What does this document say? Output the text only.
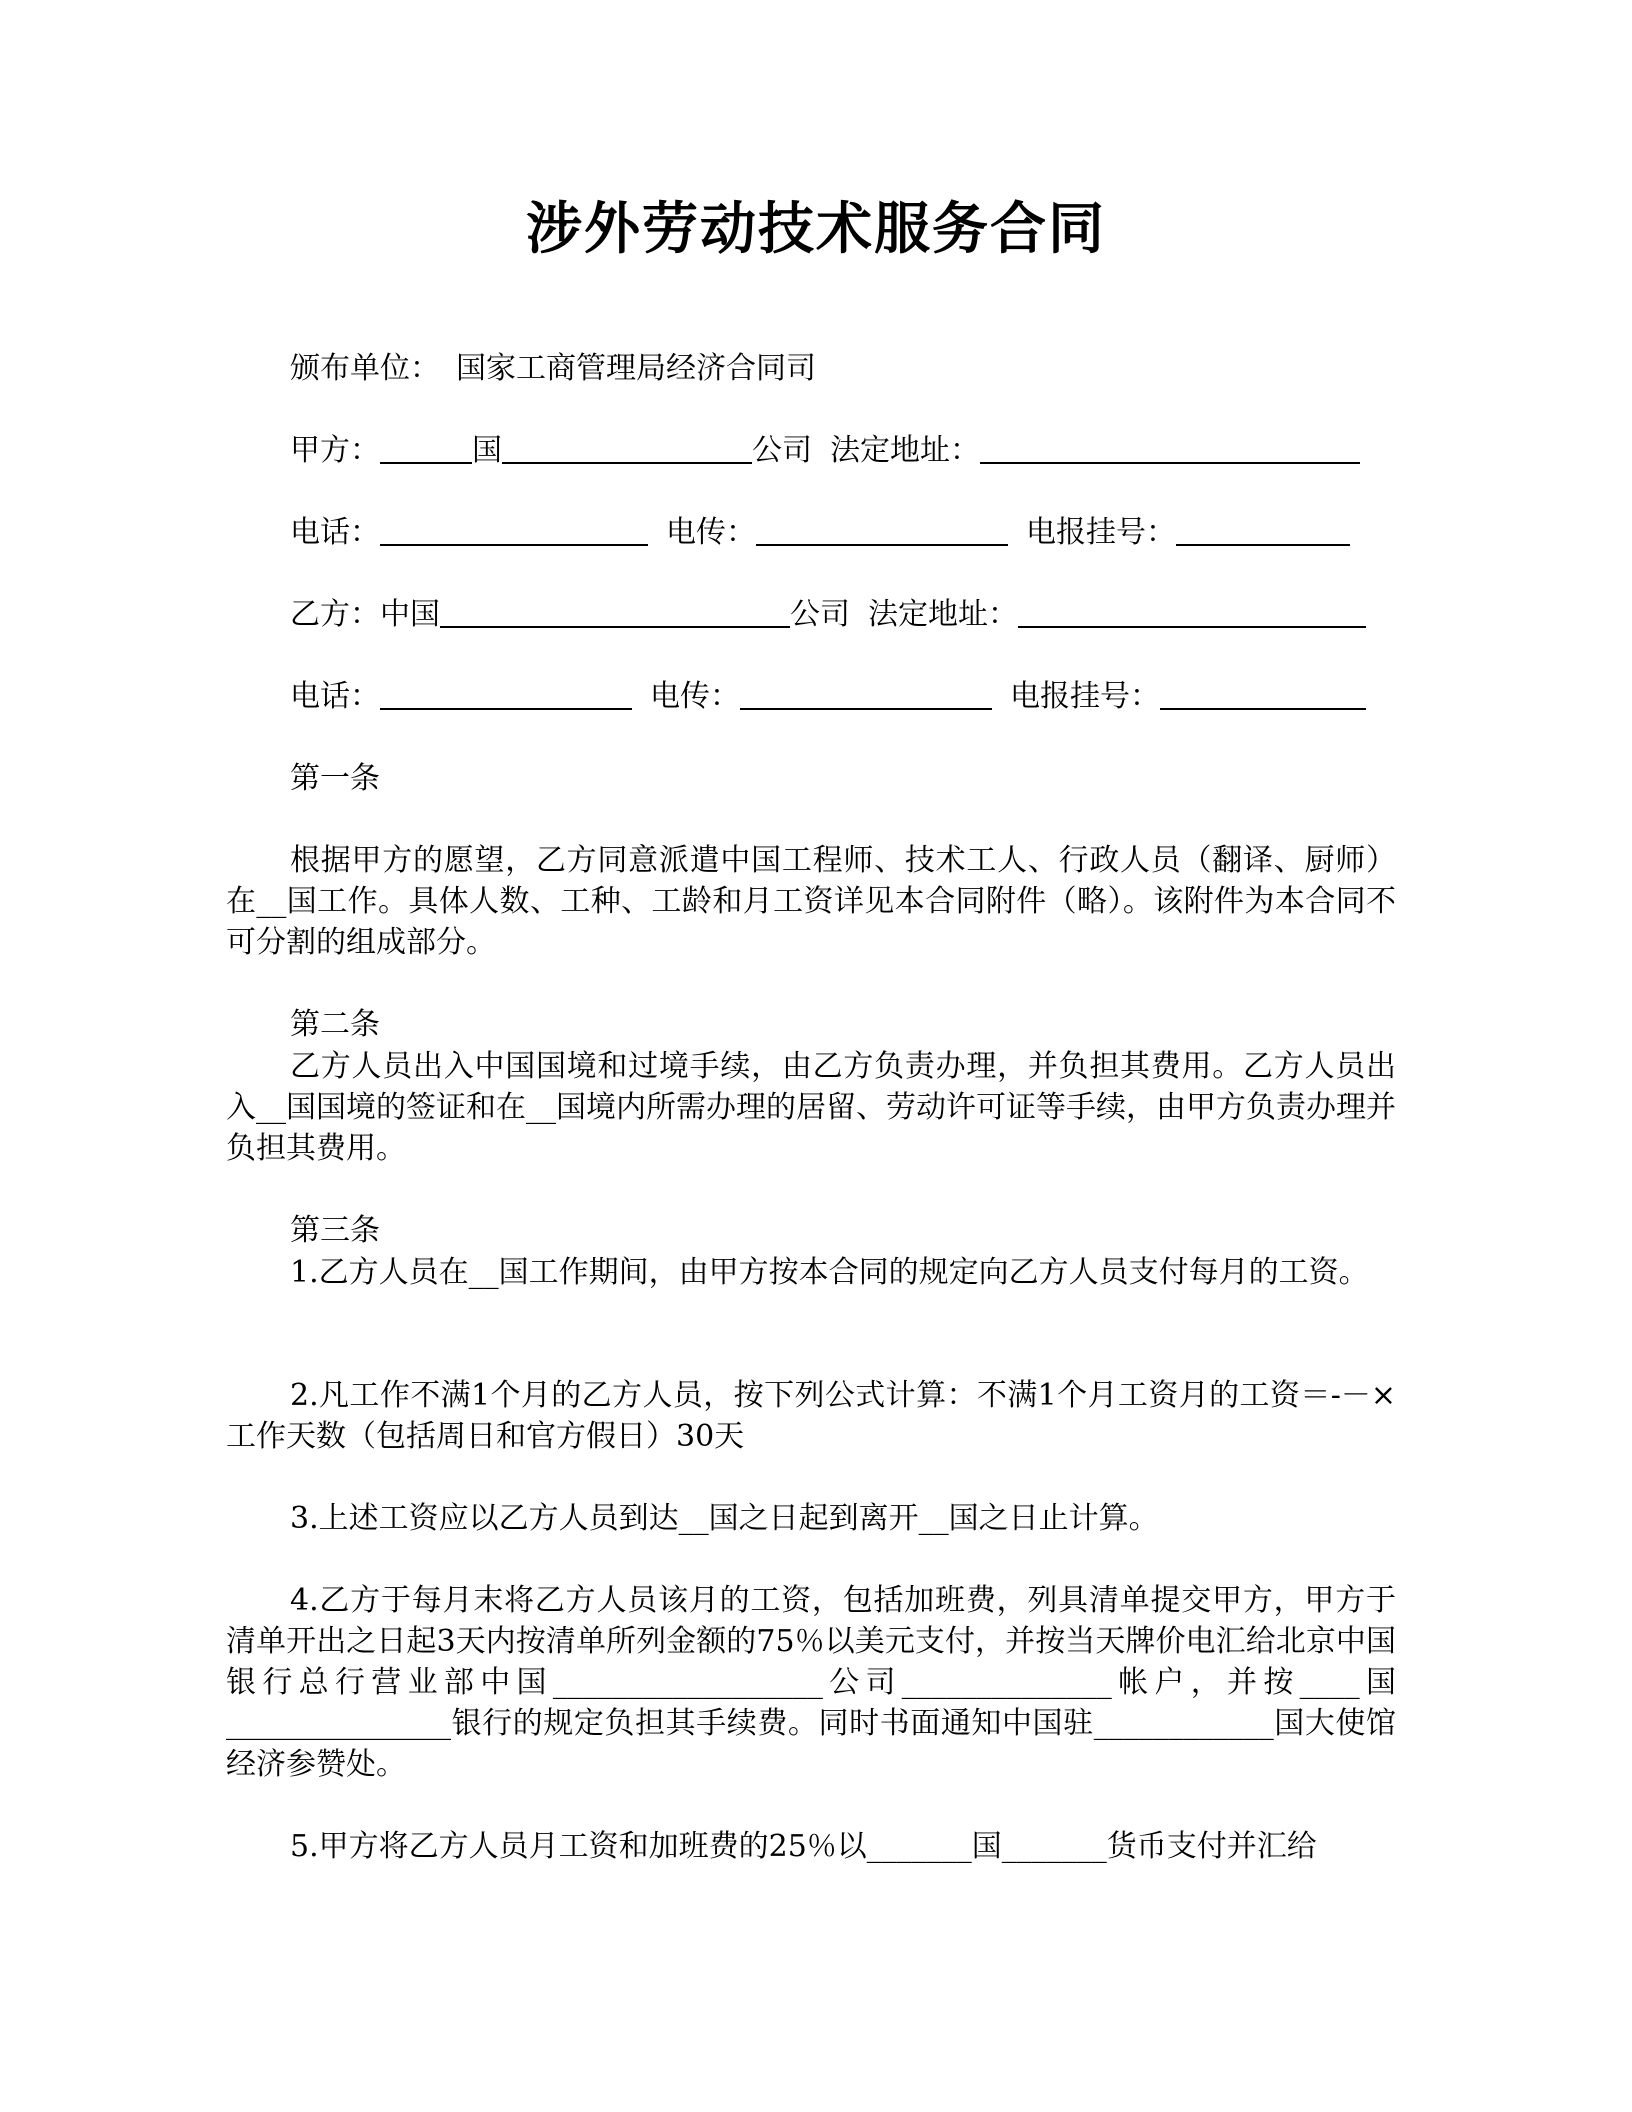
涉外劳动技术服务合同
颁布单位： 国家工商管理局经济合同司
甲方：	国	公司 法定地址：
电话：	电传：	电报挂号：
乙方：中国	公司 法定地址：
电话：	电传：	电报挂号：
第一条
根据甲方的愿望，乙方同意派遣中国工程师、技术工人、行政人员（翻译、厨师）在__国工作。具体人数、工种、工龄和月工资详见本合同附件（略）。该附件为本合同不可分割的组成部分。
第二条
乙方人员出入中国国境和过境手续，由乙方负责办理，并负担其费用。乙方人员出入__国国境的签证和在__国境内所需办理的居留、劳动许可证等手续，由甲方负责办理并负担其费用。
第三条
1.乙方人员在__国工作期间，由甲方按本合同的规定向乙方人员支付每月的工资。
2.凡工作不满1个月的乙方人员，按下列公式计算：不满1个月工资月的工资＝-－×工作天数（包括周日和官方假日）30天
3.上述工资应以乙方人员到达__国之日起到离开__国之日止计算。
4.乙方于每月末将乙方人员该月的工资，包括加班费，列具清单提交甲方，甲方于清单开出之日起3天内按清单所列金额的75％以美元支付，并按当天牌价电汇给北京中国银行总行营业部中国__________________公司______________帐户，并按____国_______________银行的规定负担其手续费。同时书面通知中国驻____________国大使馆经济参赞处。
5.甲方将乙方人员月工资和加班费的25％以_______国_______货币支付并汇给
